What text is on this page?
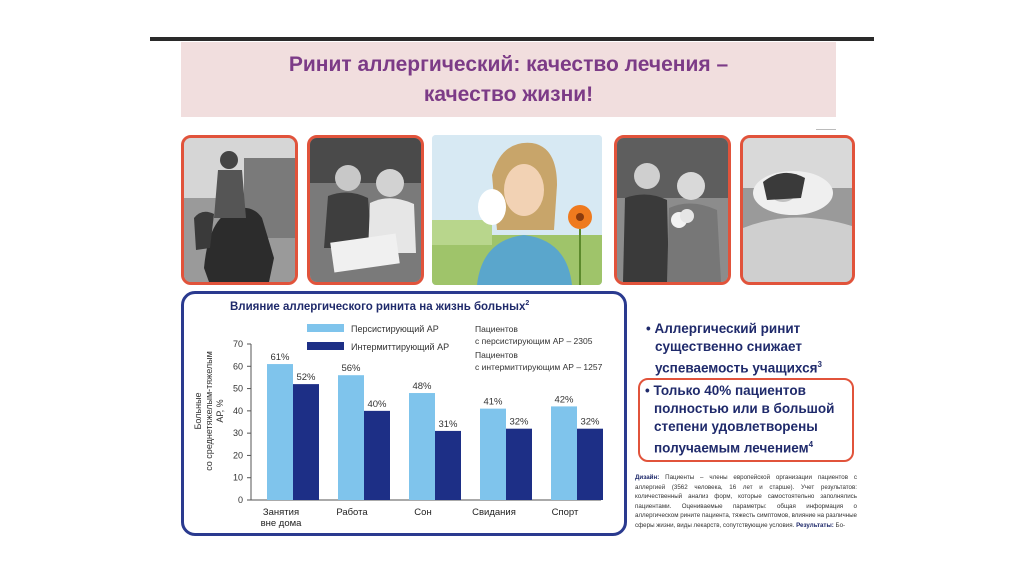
Ринит аллергический: качество лечения –
качество жизни!
Влияние аллергического ринита на жизнь больных$^2$
Больные со среднетяжелым-тяжелым АР, %
0
10
20
30
40
50
60
70
61%
52%
56%
40%
48%
31%
41%
32%
42%
32%
Персистирующий АР
Интермиттирующий АР
Пациентов
с персистирующим АР – 2305
Пациентов
с интермиттирующим АР – 1257
Занятия
вне дома
Работа	Сон	Свидания	Спорт
• Аллергический ринит
существенно снижает
успеваемость учащихся$^3$
• Только 40% пациентов
полностью или в большой
степени удовлетворены
получаемым лечением$^4$
Дизайн: Пациенты – члены европейской организации пациентов с аллергией (3562 человека, 16 лет и старше). Учет результатов: количественный анализ форм, которые самостоятельно заполнялись пациентами. Оцениваемые параметры: общая информация о аллергическом рините пациента, тяжесть симптомов, влияние на различные сферы жизни, виды лекарств, сопутствующие условия. Результаты: Бо-
